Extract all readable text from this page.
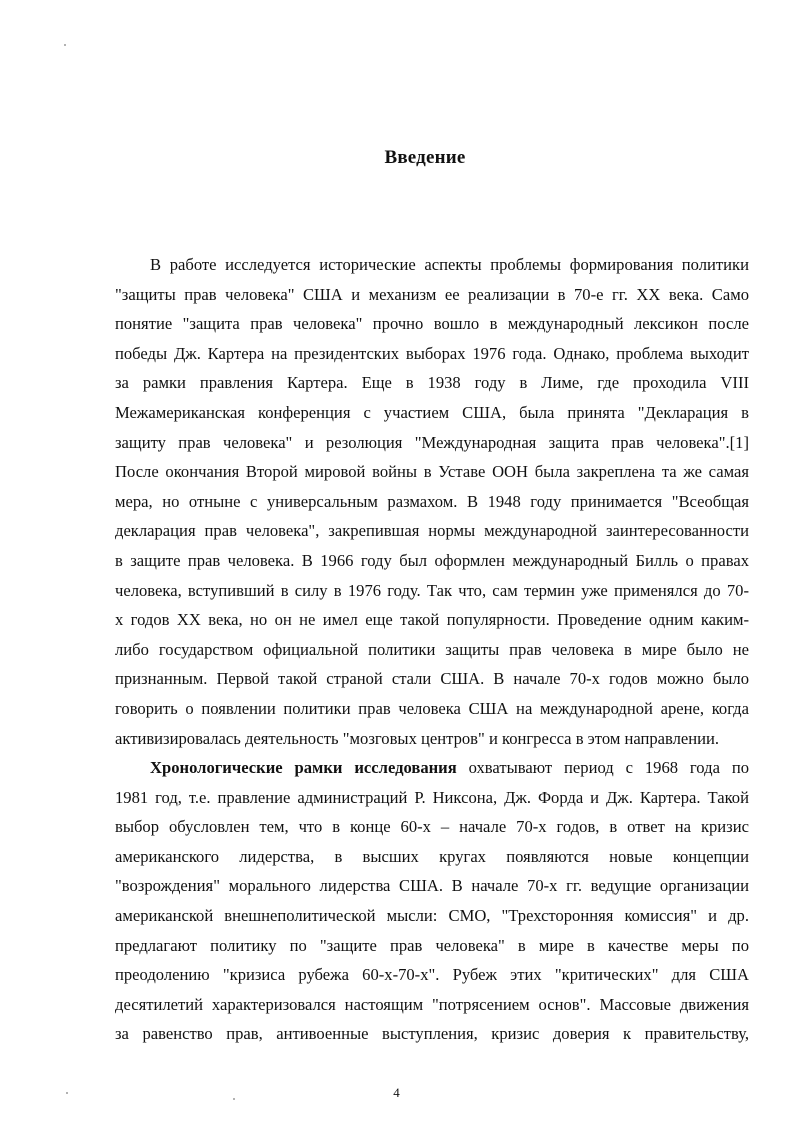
Введение
В работе исследуется исторические аспекты проблемы формирования политики
"защиты прав человека" США и механизм ее реализации в 70-е гг. XX века. Само
понятие "защита прав человека" прочно вошло в международный лексикон после
победы Дж. Картера на президентских выборах 1976 года. Однако, проблема выходит
за рамки правления Картера. Еще в 1938 году в Лиме, где проходила VIII
Межамериканская конференция с участием США, была принята "Декларация в
защиту прав человека" и резолюция "Международная защита прав человека".[1]
После окончания Второй мировой войны в Уставе ООН была закреплена та же самая
мера, но отныне с универсальным размахом. В 1948 году принимается "Всеобщая
декларация прав человека", закрепившая нормы международной заинтересованности
в защите прав человека. В 1966 году был оформлен международный Билль о правах
человека, вступивший в силу в 1976 году. Так что, сам термин уже применялся до 70-
х годов XX века, но он не имел еще такой популярности. Проведение одним каким-
либо государством официальной политики защиты прав человека в мире было не
признанным. Первой такой страной стали США. В начале 70-х годов можно было
говорить о появлении политики прав человека США на международной арене, когда
активизировалась деятельность "мозговых центров" и конгресса в этом направлении.
Хронологические рамки исследования охватывают период с 1968 года по
1981 год, т.е. правление администраций Р. Никсона, Дж. Форда и Дж. Картера. Такой
выбор обусловлен тем, что в конце 60-х – начале 70-х годов, в ответ на кризис
американского лидерства, в высших кругах появляются новые концепции
"возрождения" морального лидерства США. В начале 70-х гг. ведущие организации
американской внешнеполитической мысли: СМО, "Трехсторонняя комиссия" и др.
предлагают политику по "защите прав человека" в мире в качестве меры по
преодолению "кризиса рубежа 60-х-70-х". Рубеж этих "критических" для США
десятилетий характеризовался настоящим "потрясением основ". Массовые движения
за равенство прав, антивоенные выступления, кризис доверия к правительству,
4
